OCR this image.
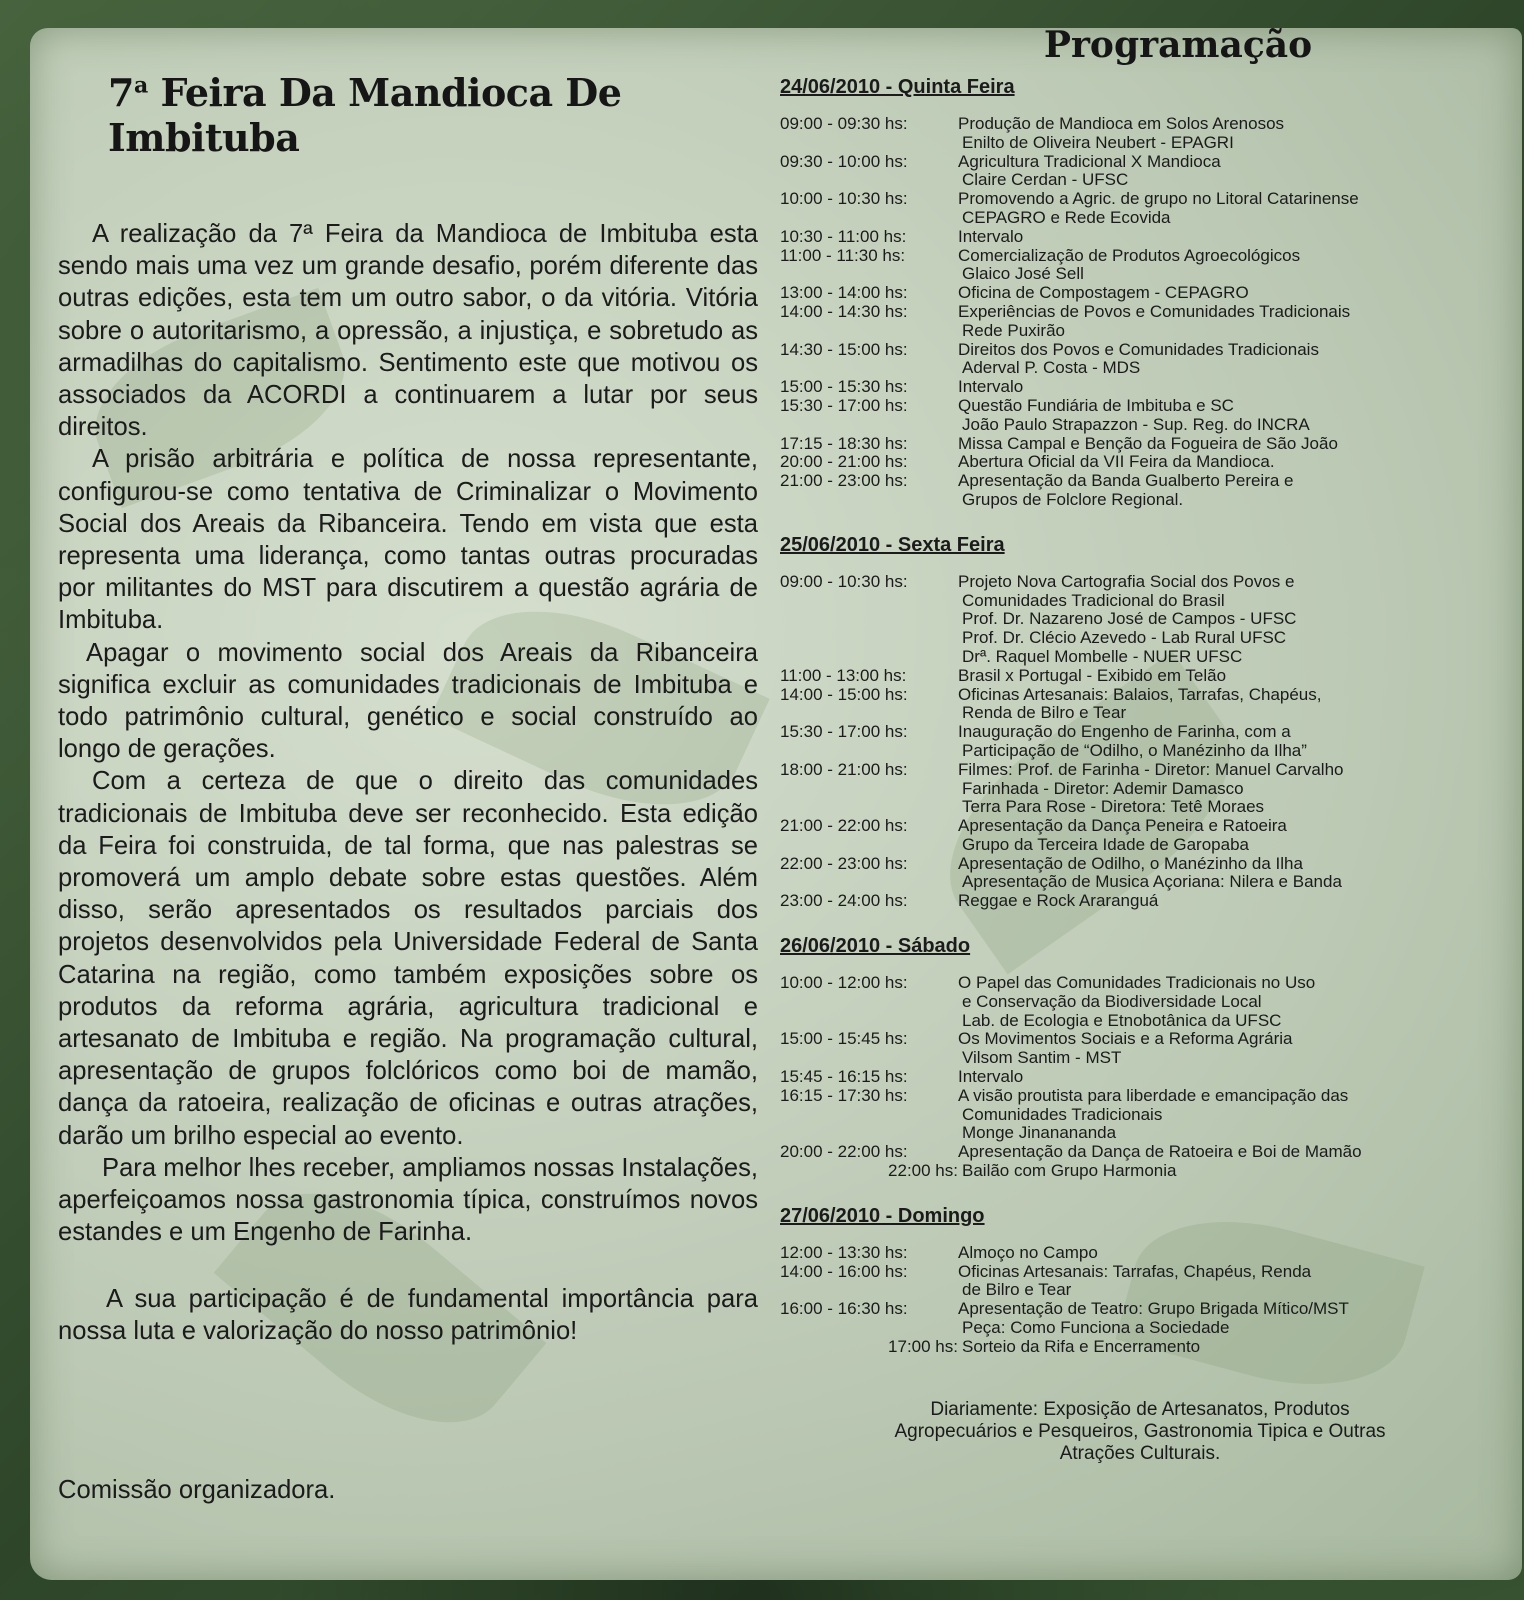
7$^a$ Feira Da Mandioca De Imbituba

A realização da 7ª Feira da Mandioca de Imbituba esta sendo mais uma vez um grande desafio, porém diferente das outras edições, esta tem um outro sabor, o da vitória. Vitória sobre o autoritarismo, a opressão, a injustiça, e sobretudo as armadilhas do capitalismo. Sentimento este que motivou os associados da ACORDI a continuarem a lutar por seus direitos.

A prisão arbitrária e política de nossa representante, configurou-se como tentativa de Criminalizar o Movimento Social dos Areais da Ribanceira. Tendo em vista que esta representa uma liderança, como tantas outras procuradas por militantes do MST para discutirem a questão agrária de Imbituba.

Apagar o movimento social dos Areais da Ribanceira significa excluir as comunidades tradicionais de Imbituba e todo patrimônio cultural, genético e social construído ao longo de gerações.

Com a certeza de que o direito das comunidades tradicionais de Imbituba deve ser reconhecido. Esta edição da Feira foi construida, de tal forma, que nas palestras se promoverá um amplo debate sobre estas questões. Além disso, serão apresentados os resultados parciais dos projetos desenvolvidos pela Universidade Federal de Santa Catarina na região, como também exposições sobre os produtos da reforma agrária, agricultura tradicional e artesanato de Imbituba e região. Na programação cultural, apresentação de grupos folclóricos como boi de mamão, dança da ratoeira, realização de oficinas e outras atrações, darão um brilho especial ao evento.

Para melhor lhes receber, ampliamos nossas Instalações, aperfeiçoamos nossa gastronomia típica, construímos novos estandes e um Engenho de Farinha.

A sua participação é de fundamental importância para nossa luta e valorização do nosso patrimônio!

Comissão organizadora.
Programação
24/06/2010 - Quinta Feira
09:00 - 09:30 hs:	Produção de Mandioca em Solos Arenosos
Enilto de Oliveira Neubert - EPAGRI
09:30 - 10:00 hs:	Agricultura Tradicional X Mandioca
Claire Cerdan - UFSC
10:00 - 10:30 hs:	Promovendo a Agric. de grupo no Litoral Catarinense
CEPAGRO e Rede Ecovida
10:30 - 11:00 hs:	Intervalo
11:00 - 11:30 hs:	Comercialização de Produtos Agroecológicos
Glaico José Sell
13:00 - 14:00 hs:	Oficina de Compostagem - CEPAGRO
14:00 - 14:30 hs:	Experiências de Povos e Comunidades Tradicionais
Rede Puxirão
14:30 - 15:00 hs:	Direitos dos Povos e Comunidades Tradicionais
Aderval P. Costa - MDS
15:00 - 15:30 hs:	Intervalo
15:30 - 17:00 hs:	Questão Fundiária de Imbituba e SC
João Paulo Strapazzon - Sup. Reg. do INCRA
17:15 - 18:30 hs:	Missa Campal e Benção da Fogueira de São João
20:00 - 21:00 hs:	Abertura Oficial da VII Feira da Mandioca.
21:00 - 23:00 hs:	Apresentação da Banda Gualberto Pereira e
Grupos de Folclore Regional.
25/06/2010 - Sexta Feira
09:00 - 10:30 hs:	Projeto Nova Cartografia Social dos Povos e
Comunidades Tradicional do Brasil
Prof. Dr. Nazareno José de Campos - UFSC
Prof. Dr. Clécio Azevedo - Lab Rural UFSC
Drª. Raquel Mombelle - NUER UFSC
11:00 - 13:00 hs:	Brasil x Portugal - Exibido em Telão
14:00 - 15:00 hs:	Oficinas Artesanais: Balaios, Tarrafas, Chapéus,
Renda de Bilro e Tear
15:30 - 17:00 hs:	Inauguração do Engenho de Farinha, com a
Participação de “Odilho, o Manézinho da Ilha”
18:00 - 21:00 hs:	Filmes: Prof. de Farinha - Diretor: Manuel Carvalho
Farinhada - Diretor: Ademir Damasco
Terra Para Rose - Diretora: Tetê Moraes
21:00 - 22:00 hs:	Apresentação da Dança Peneira e Ratoeira
Grupo da Terceira Idade de Garopaba
22:00 - 23:00 hs:	Apresentação de Odilho, o Manézinho da Ilha
Apresentação de Musica Açoriana: Nilera e Banda
23:00 - 24:00 hs:	Reggae e Rock Araranguá
26/06/2010 - Sábado
10:00 - 12:00 hs:	O Papel das Comunidades Tradicionais no Uso
e Conservação da Biodiversidade Local
Lab. de Ecologia e Etnobotânica da UFSC
15:00 - 15:45 hs:	Os Movimentos Sociais e a Reforma Agrária
Vilsom Santim - MST
15:45 - 16:15 hs:	Intervalo
16:15 - 17:30 hs:	A visão proutista para liberdade e emancipação das
Comunidades Tradicionais
Monge Jinanananda
20:00 - 22:00 hs:	Apresentação da Dança de Ratoeira e Boi de Mamão
22:00 hs: Bailão com Grupo Harmonia
27/06/2010 - Domingo
12:00 - 13:30 hs:	Almoço no Campo
14:00 - 16:00 hs:	Oficinas Artesanais: Tarrafas, Chapéus, Renda
de Bilro e Tear
16:00 - 16:30 hs:	Apresentação de Teatro: Grupo Brigada Mítico/MST
Peça: Como Funciona a Sociedade
17:00 hs: Sorteio da Rifa e Encerramento
Diariamente: Exposição de Artesanatos, Produtos
Agropecuários e Pesqueiros, Gastronomia Tipica e Outras
Atrações Culturais.
